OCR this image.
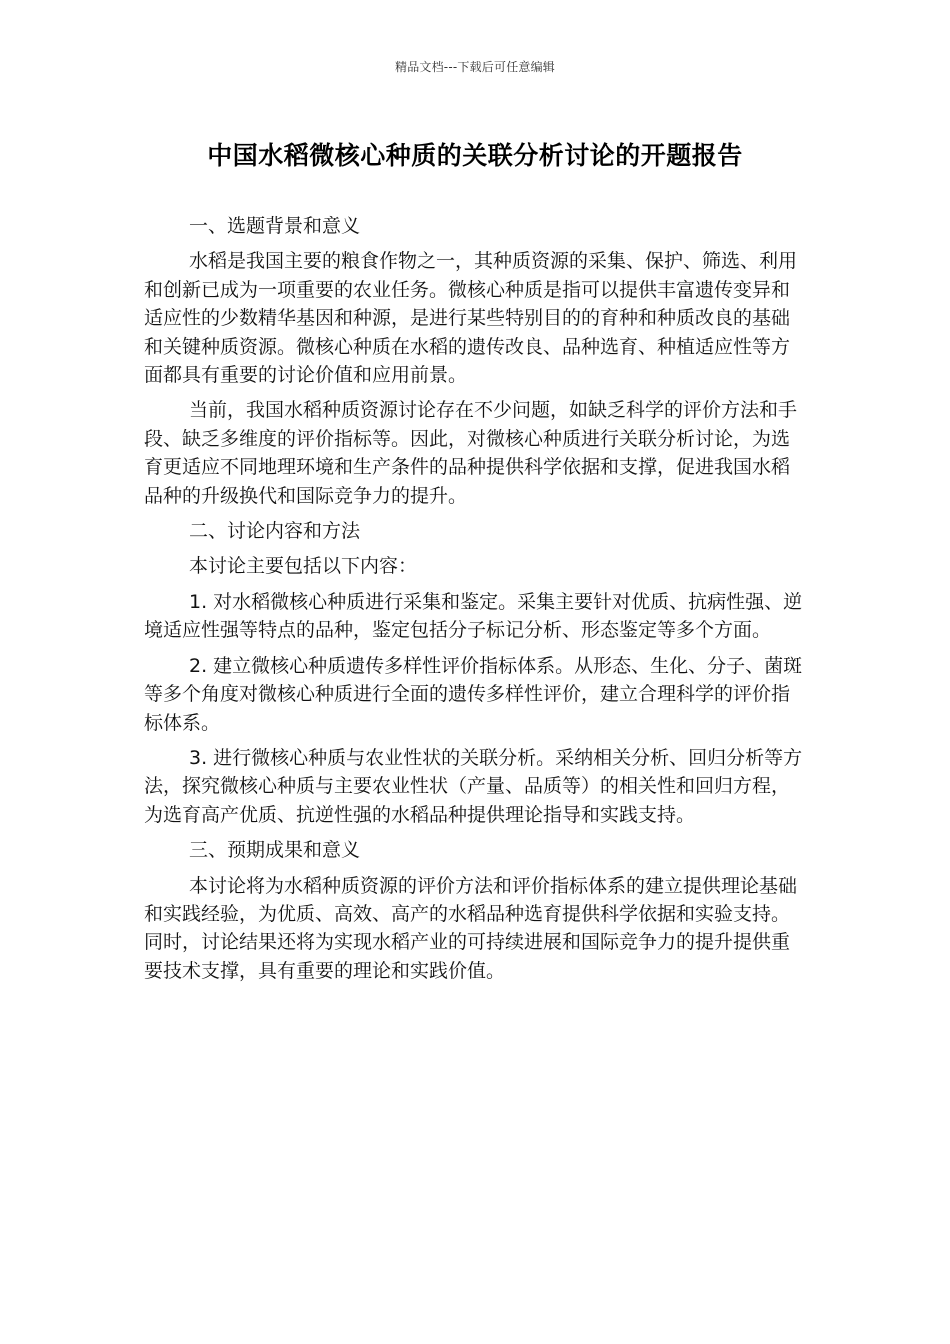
精品文档---下载后可任意编辑
中国水稻微核心种质的关联分析讨论的开题报告

一、选题背景和意义

水稻是我国主要的粮食作物之一，其种质资源的采集、保护、筛选、利用和创新已成为一项重要的农业任务。微核心种质是指可以提供丰富遗传变异和适应性的少数精华基因和种源，是进行某些特别目的的育种和种质改良的基础和关键种质资源。微核心种质在水稻的遗传改良、品种选育、种植适应性等方面都具有重要的讨论价值和应用前景。

当前，我国水稻种质资源讨论存在不少问题，如缺乏科学的评价方法和手段、缺乏多维度的评价指标等。因此，对微核心种质进行关联分析讨论，为选育更适应不同地理环境和生产条件的品种提供科学依据和支撑，促进我国水稻品种的升级换代和国际竞争力的提升。

二、讨论内容和方法

本讨论主要包括以下内容：

1. 对水稻微核心种质进行采集和鉴定。采集主要针对优质、抗病性强、逆境适应性强等特点的品种，鉴定包括分子标记分析、形态鉴定等多个方面。

2. 建立微核心种质遗传多样性评价指标体系。从形态、生化、分子、菌斑等多个角度对微核心种质进行全面的遗传多样性评价，建立合理科学的评价指标体系。

3. 进行微核心种质与农业性状的关联分析。采纳相关分析、回归分析等方法，探究微核心种质与主要农业性状（产量、品质等）的相关性和回归方程，为选育高产优质、抗逆性强的水稻品种提供理论指导和实践支持。

三、预期成果和意义

本讨论将为水稻种质资源的评价方法和评价指标体系的建立提供理论基础和实践经验，为优质、高效、高产的水稻品种选育提供科学依据和实验支持。同时，讨论结果还将为实现水稻产业的可持续进展和国际竞争力的提升提供重要技术支撑，具有重要的理论和实践价值。
